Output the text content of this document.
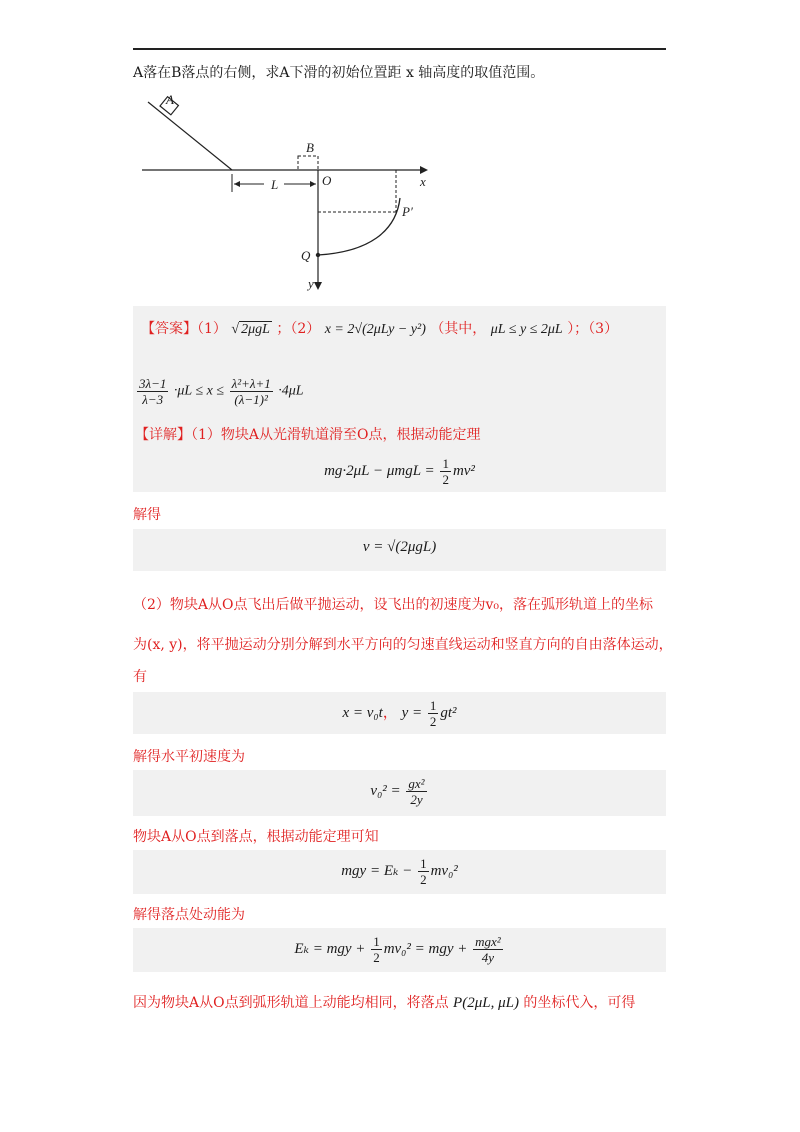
A落在B落点的右侧，求A下滑的初始位置距 x 轴高度的取值范围。
A
x
B
O
L
y
Q
P′
【答案】（1） √ 2μgL ；（2） x = 2√(2μLy − y²) （其中， μL ≤ y ≤ 2μL ）；（3）
$\frac{3\lambda-1}{\lambda-3} \cdot\mu L \le x \le \frac{\text{λ²+λ+1}}{\text{(λ−1)²}} \cdot 4\mu L$
【详解】（1）物块A从光滑轨道滑至O点，根据动能定理
$mg\cdot 2\mu L - \mu mgL = \frac{1}{2} mv^2$
解得
v = √(2μgL)
（2）物块A从O点飞出后做平抛运动，设飞出的初速度为v₀，落在弧形轨道上的坐标
为(x, y)，将平抛运动分别分解到水平方向的匀速直线运动和竖直方向的自由落体运动，
有
x = v₀t， $y = \frac{1}{2} gt^2$
解得水平初速度为
$v_0^2 = \frac{\text{gx²}}{2y}$
物块A从O点到落点，根据动能定理可知
mgy = $E_k - \frac{1}{2} mv_0^2$
解得落点处动能为
Eₖ = mgy + $\frac{1}{2} mv_0^2$ = mgy + $\frac{\text{mgx²}}{4y}$
因为物块A从O点到弧形轨道上动能均相同，将落点 P(2μL, μL) 的坐标代入，可得
